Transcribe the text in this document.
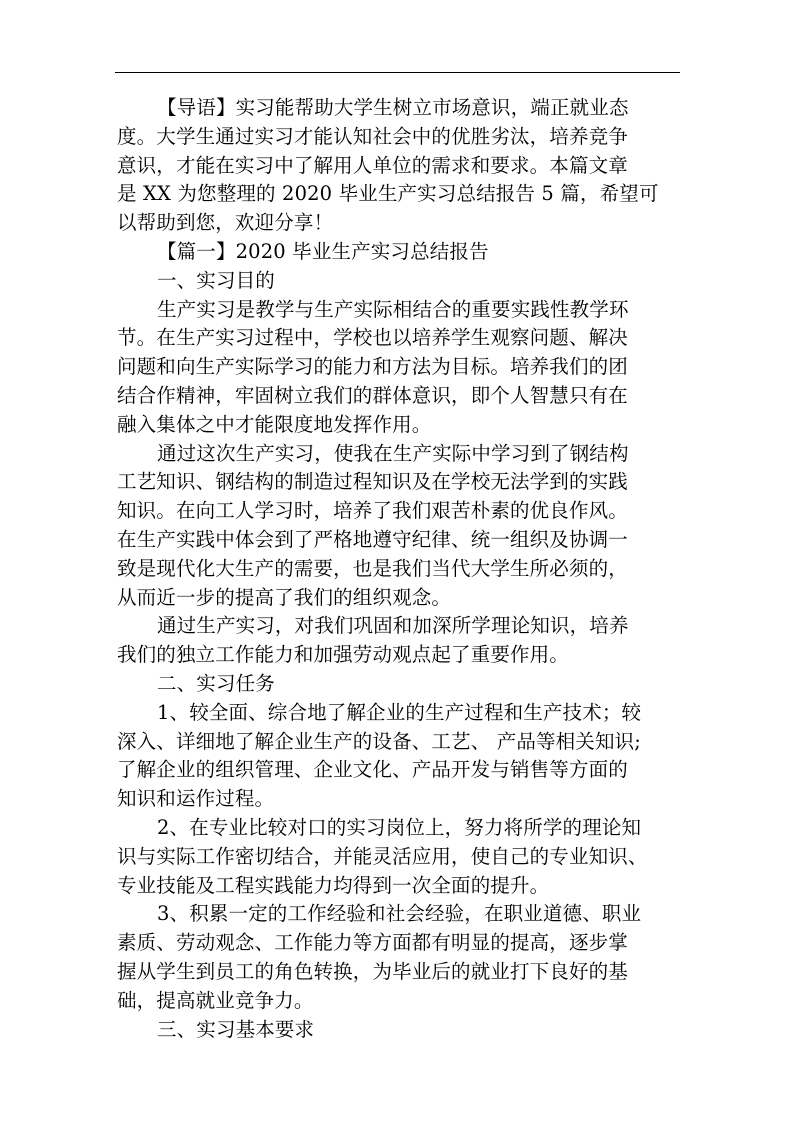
【导语】实习能帮助大学生树立市场意识，端正就业态
度。大学生通过实习才能认知社会中的优胜劣汰，培养竞争
意识，才能在实习中了解用人单位的需求和要求。本篇文章
是 XX 为您整理的 2020 毕业生产实习总结报告 5 篇，希望可
以帮助到您，欢迎分享！
【篇一】2020 毕业生产实习总结报告
一、实习目的
生产实习是教学与生产实际相结合的重要实践性教学环
节。在生产实习过程中，学校也以培养学生观察问题、解决
问题和向生产实际学习的能力和方法为目标。培养我们的团
结合作精神，牢固树立我们的群体意识，即个人智慧只有在
融入集体之中才能限度地发挥作用。
通过这次生产实习，使我在生产实际中学习到了钢结构
工艺知识、钢结构的制造过程知识及在学校无法学到的实践
知识。在向工人学习时，培养了我们艰苦朴素的优良作风。
在生产实践中体会到了严格地遵守纪律、统一组织及协调一
致是现代化大生产的需要，也是我们当代大学生所必须的，
从而近一步的提高了我们的组织观念。
通过生产实习，对我们巩固和加深所学理论知识，培养
我们的独立工作能力和加强劳动观点起了重要作用。
二、实习任务
1、较全面、综合地了解企业的生产过程和生产技术；较
深入、详细地了解企业生产的设备、工艺、 产品等相关知识;
了解企业的组织管理、企业文化、产品开发与销售等方面的
知识和运作过程。
2、在专业比较对口的实习岗位上，努力将所学的理论知
识与实际工作密切结合，并能灵活应用，使自己的专业知识、
专业技能及工程实践能力均得到一次全面的提升。
3、积累一定的工作经验和社会经验，在职业道德、职业
素质、劳动观念、工作能力等方面都有明显的提高，逐步掌
握从学生到员工的角色转换，为毕业后的就业打下良好的基
础，提高就业竞争力。
三、实习基本要求
